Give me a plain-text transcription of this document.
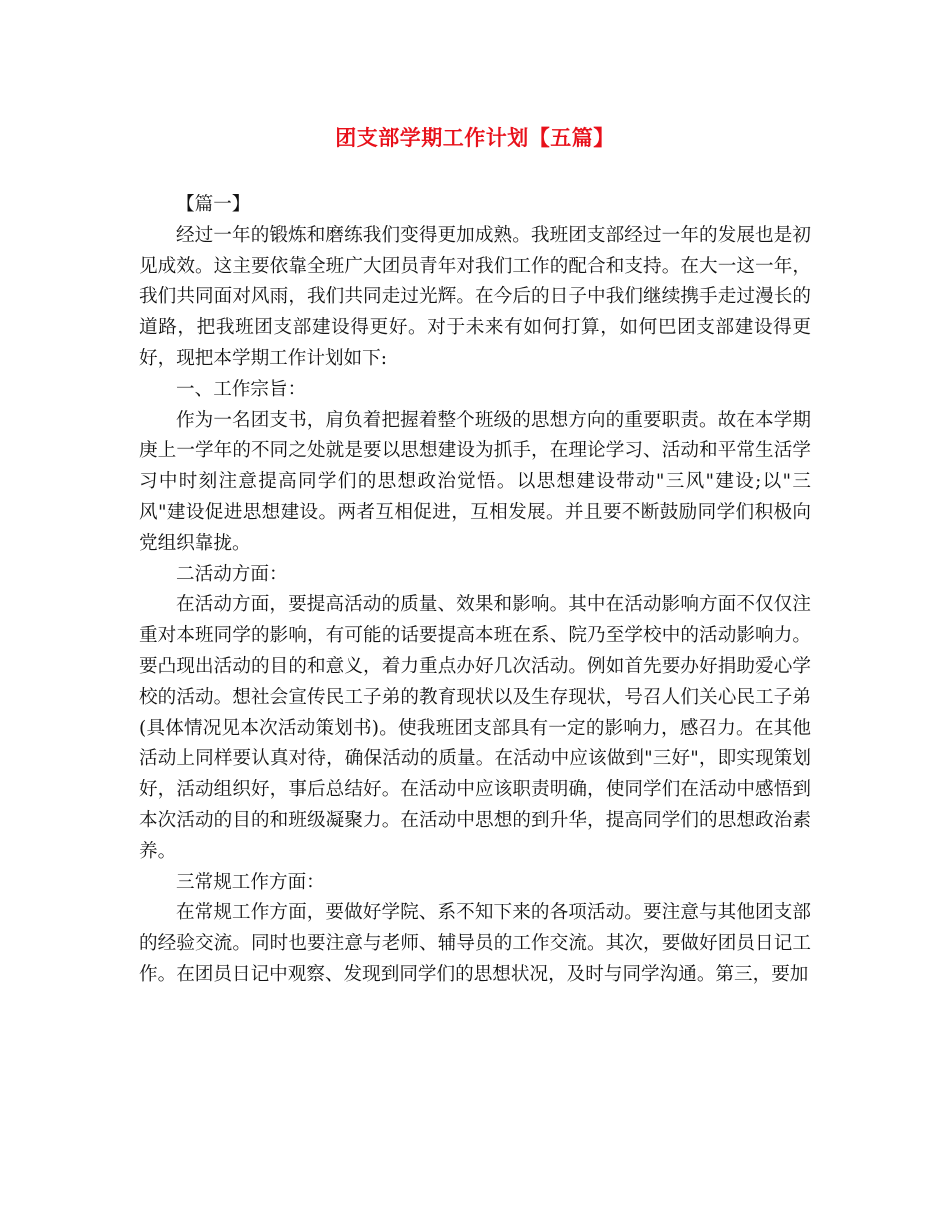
团支部学期工作计划【五篇】

【篇一】

经过一年的锻炼和磨练我们变得更加成熟。我班团支部经过一年的发展也是初见成效。这主要依靠全班广大团员青年对我们工作的配合和支持。在大一这一年，我们共同面对风雨，我们共同走过光辉。在今后的日子中我们继续携手走过漫长的道路，把我班团支部建设得更好。对于未来有如何打算，如何巴团支部建设得更好，现把本学期工作计划如下:

一、工作宗旨：

作为一名团支书，肩负着把握着整个班级的思想方向的重要职责。故在本学期庚上一学年的不同之处就是要以思想建设为抓手，在理论学习、活动和平常生活学习中时刻注意提高同学们的思想政治觉悟。以思想建设带动"三风"建设;以"三风"建设促进思想建设。两者互相促进，互相发展。并且要不断鼓励同学们积极向党组织靠拢。

二活动方面：

在活动方面，要提高活动的质量、效果和影响。其中在活动影响方面不仅仅注重对本班同学的影响，有可能的话要提高本班在系、院乃至学校中的活动影响力。要凸现出活动的目的和意义，着力重点办好几次活动。例如首先要办好捐助爱心学校的活动。想社会宣传民工子弟的教育现状以及生存现状，号召人们关心民工子弟(具体情况见本次活动策划书)。使我班团支部具有一定的影响力，感召力。在其他活动上同样要认真对待，确保活动的质量。在活动中应该做到"三好"，即实现策划好，活动组织好，事后总结好。在活动中应该职责明确，使同学们在活动中感悟到本次活动的目的和班级凝聚力。在活动中思想的到升华，提高同学们的思想政治素养。

三常规工作方面：

在常规工作方面，要做好学院、系不知下来的各项活动。要注意与其他团支部的经验交流。同时也要注意与老师、辅导员的工作交流。其次，要做好团员日记工作。在团员日记中观察、发现到同学们的思想状况，及时与同学沟通。第三，要加
